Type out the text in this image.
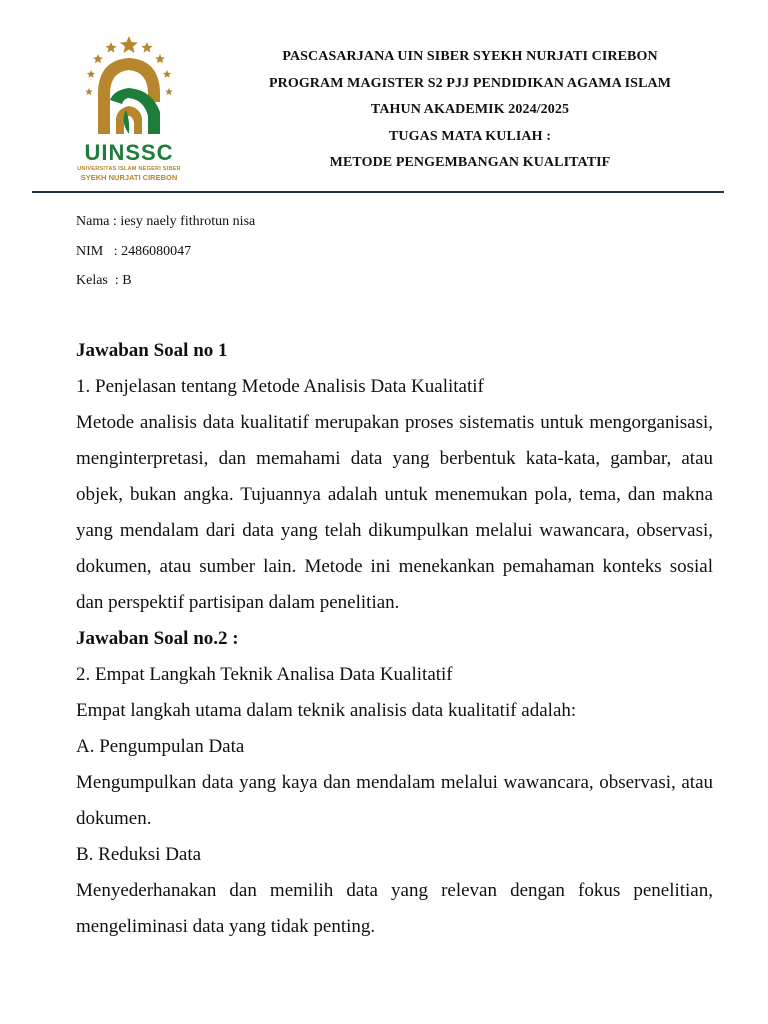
UINSSC
UNIVERSITAS ISLAM NEGERI SIBER
SYEKH NURJATI CIREBON
PASCASARJANA UIN SIBER SYEKH NURJATI CIREBON
PROGRAM MAGISTER S2 PJJ PENDIDIKAN AGAMA ISLAM
TAHUN AKADEMIK 2024/2025
TUGAS MATA KULIAH :
METODE PENGEMBANGAN KUALITATIF
Nama : iesy naely fithrotun nisa
NIM   : 2486080047
Kelas  : B

Jawaban Soal no 1

1. Penjelasan tentang Metode Analisis Data Kualitatif

Metode analisis data kualitatif merupakan proses sistematis untuk mengorganisasi, menginterpretasi, dan memahami data yang berbentuk kata-kata, gambar, atau objek, bukan angka. Tujuannya adalah untuk menemukan pola, tema, dan makna yang mendalam dari data yang telah dikumpulkan melalui wawancara, observasi, dokumen, atau sumber lain. Metode ini menekankan pemahaman konteks sosial dan perspektif partisipan dalam penelitian.

Jawaban Soal no.2 :

2. Empat Langkah Teknik Analisa Data Kualitatif

Empat langkah utama dalam teknik analisis data kualitatif adalah:

A. Pengumpulan Data

Mengumpulkan data yang kaya dan mendalam melalui wawancara, observasi, atau dokumen.

B. Reduksi Data

Menyederhanakan dan memilih data yang relevan dengan fokus penelitian, mengeliminasi data yang tidak penting.
